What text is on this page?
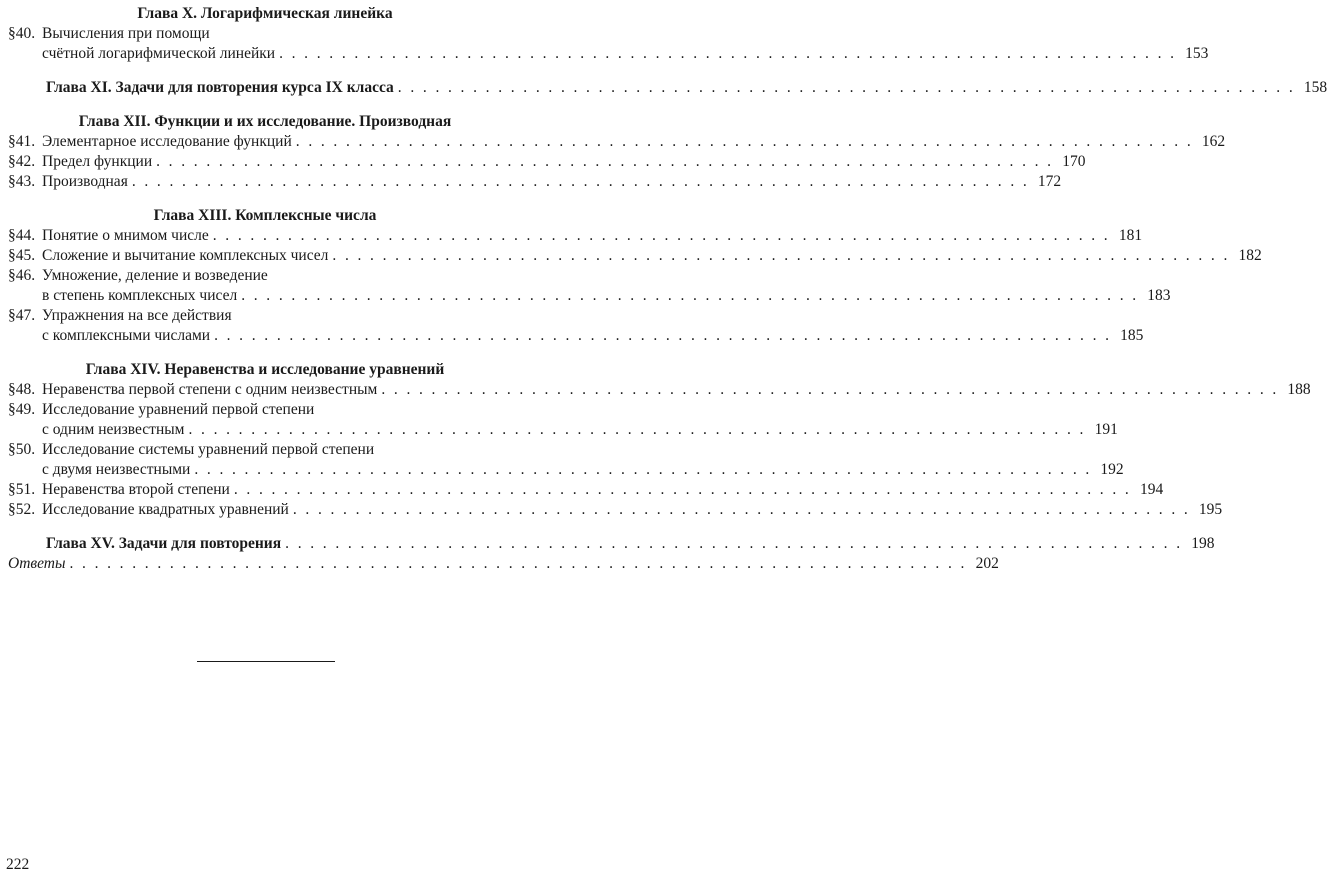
Глава X. Логарифмическая линейка
§40. Вычисления при помощи
счётной логарифмической линейки . . .	153
Глава XI. Задачи для повторения курса IX класса . . .	158
Глава XII. Функции и их исследование. Производная
§41. Элементарное исследование функций . . .	162
§42. Предел функции . . .	170
§43. Производная . . .	172
Глава XIII. Комплексные числа
§44. Понятие о мнимом числе . . .	181
§45. Сложение и вычитание комплексных чисел . . .	182
§46. Умножение, деление и возведение
в степень комплексных чисел . . .	183
§47. Упражнения на все действия
с комплексными числами . . .	185
Глава XIV. Неравенства и исследование уравнений
§48. Неравенства первой степени с одним неизвестным . . .	188
§49. Исследование уравнений первой степени
с одним неизвестным . . .	191
§50. Исследование системы уравнений первой степени
с двумя неизвестными . . .	192
§51. Неравенства второй степени . . .	194
§52. Исследование квадратных уравнений . . .	195
Глава XV. Задачи для повторения . . .	198
Ответы . . .	202
222
